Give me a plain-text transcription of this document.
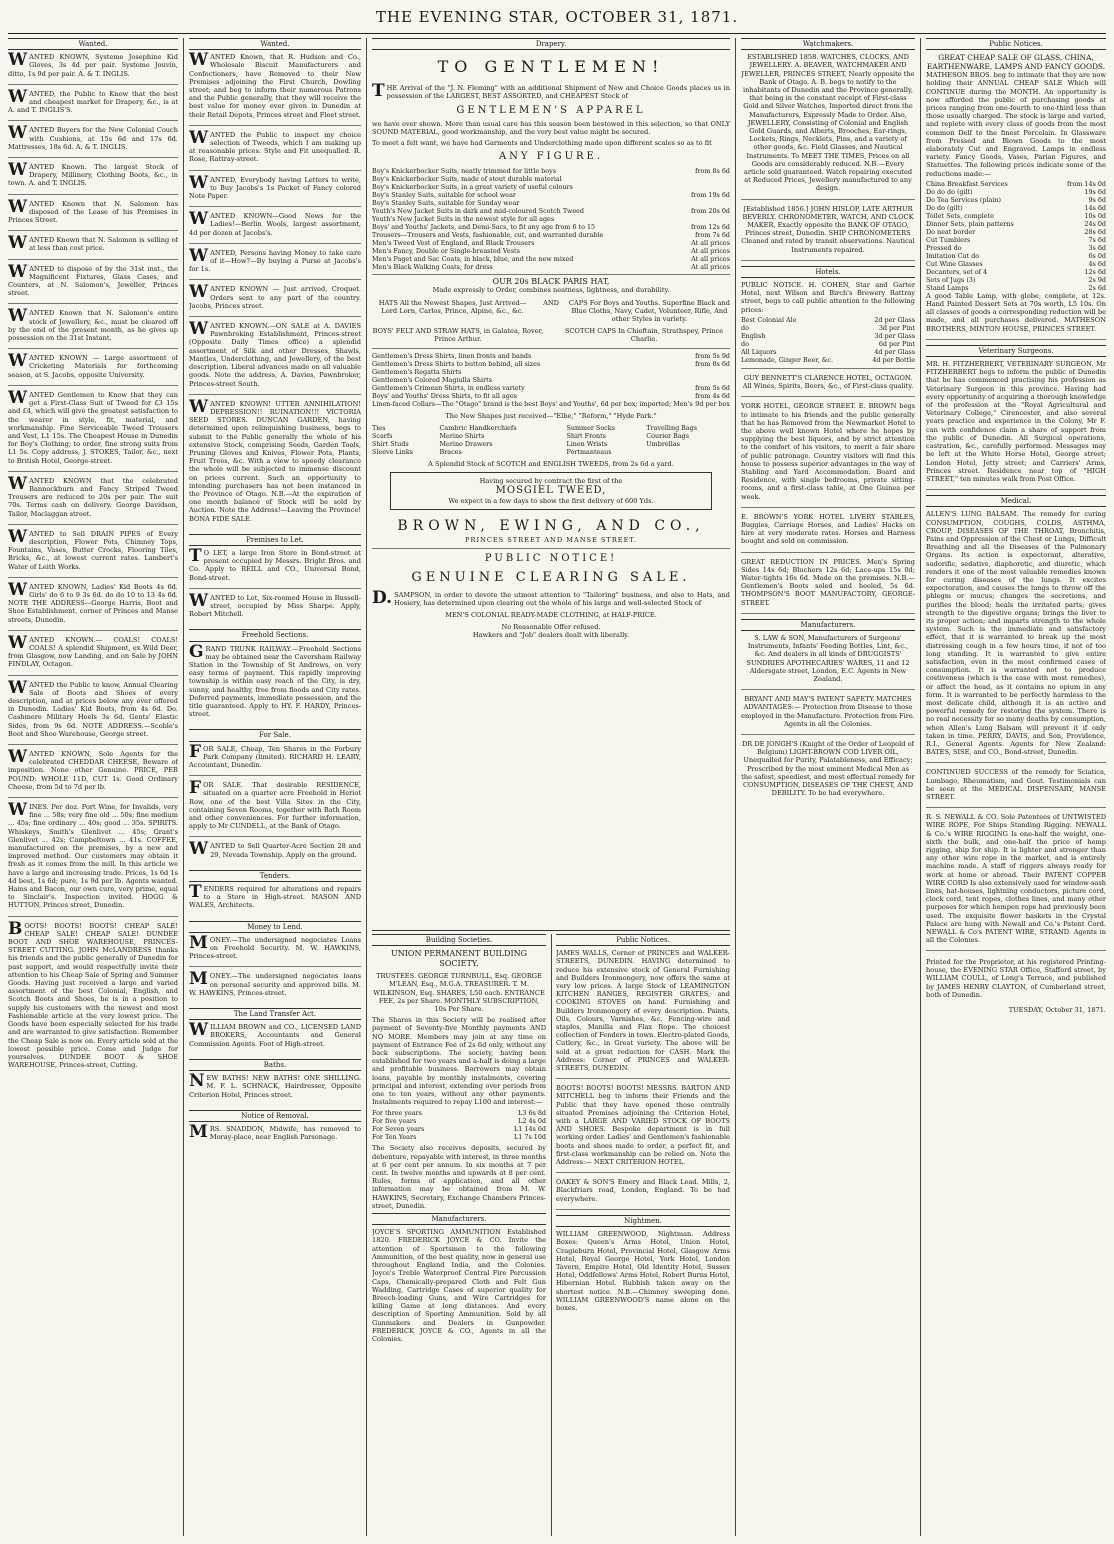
THE EVENING STAR, OCTOBER 31, 1871.
Wanted.

WANTED KNOWN, Systeme Josephine Kid Gloves, 3s 4d per pair. Systeme Jouvin, ditto, 1s 9d per pair. A. & T. INGLIS.

WANTED, the Public to Know that the best and cheapest market for Drapery, &c., is at A. and T. INGLIS'S.

WANTED Buyers for the New Colonial Couch with Cushions, at 15s 6d and 17s 6d. Mattresses, 18s 6d. A. & T. INGLIS.

WANTED Known. The largest Stock of Drapery, Millinery, Clothing Boots, &c., in town. A. and T. INGLIS.

WANTED Known that N. Salomon has disposed of the Lease of his Premises in Princes Street.

WANTED Known that N. Salomon is selling of at less than cost price.

WANTED to dispose of by the 31st inst., the Magnificent Fixtures, Glass Cases, and Counters, at N. Salomon's, Jeweller, Princes street.

WANTED Known that N. Salomon's entire stock of Jewellery, &c., must be cleared off by the end of the present month, as he gives up possession on the 31st Instant.

WANTED KNOWN — Large assortment of Cricketing Materials for forthcoming season, at S. Jacobs, opposite University.

WANTED Gentlemen to Know that they can get a First-Class Suit of Tweed for £3 15s and £4, which will give the greatest satisfaction to the wearer in style, fit, material, and workmanship. Fine Serviceable Tweed Trousers and Vest, L1 15s. The Cheapest House in Dunedin for Boy's Clothing; to order, fine strong suits from L1 5s. Copy address, J. STOKES, Tailor, &c., next to British Hotel, George-street.

WANTED KNOWN that the celebrated Bannockburn and Fancy Striped Tweed Trousers are reduced to 20s per pair. The suit 70s. Terms cash on delivery. George Davidson, Tailor, Maclaggan street.

WANTED to Sell DRAIN PIPES of Every description, Flower Pots, Chimney Tops, Fountains, Vases, Butter Crocks, Flooring Tiles, Bricks, &c., at lowest current rates. Lambert's Water of Leith Works.

WANTED KNOWN, Ladies' Kid Boots 4s 6d. Girls' do 6 to 9 3s 6d. do do 10 to 13 4s 6d. NOTE THE ADDRESS—George Harris, Boot and Shoe Establishment, corner of Princes and Manse streets, Dunedin.

WANTED KNOWN.— COALS! COALS! COALS! A splendid Shipment, ex Wild Deer, from Glasgow, now Landing, and on Sale by JOHN FINDLAY, Octagon.

WANTED the Public to know, Annual Clearing Sale of Boots and Shoes of every description, and at prices below any ever offered in Dunedin. Ladies' Kid Boots, from 4s 6d. Do. Cashmere Military Heels 3s 6d. Gents' Elastic Sides, from 9s 6d. NOTE ADDRESS.—Scoble's Boot and Shoe Warehouse, George street.

WANTED KNOWN, Sole Agents for the celebrated CHEDDAR CHEESE, Beware of imposition. None other Genuine. PRICE, PER POUND: WHOLE 11D, CUT 1s. Good Ordinary Cheese, from 5d to 7d per lb.

WINES. Per doz. Port Wine, for Invalids, very fine ... 58s; very fine old ... 50s; fine medium ... 45s; fine ordinary ... 40s; good ... 35s. SPIRITS. Whiskeys, Smith's Glenlivet ... 45s; Grant's Glenlivet ... 42s; Campbeltown ... 41s. COFFEE, manufactured on the premises, by a new and improved method. Our customers may obtain it fresh as it comes from the mill. In this article we have a large and increasing trade. Prices, 1s 6d 1s 4d best, 1s 6d; pure, 1s 9d per lb. Agents wanted. Hams and Bacon, our own cure, very prime, equal to Sinclair's. Inspection invited. HOGG & HUTTON, Princes street, Dunedin.

BOOTS! BOOTS! BOOTS! CHEAP SALE! CHEAP SALE! CHEAP SALE! DUNDEE BOOT AND SHOE WAREHOUSE, PRINCES-STREET CUTTING. JOHN McLANDRESS thanks his friends and the public generally of Dunedin for past support, and would respectfully invite their attention to his Cheap Sale of Spring and Summer Goods. Having just received a large and varied assortment of the best Colonial, English, and Scotch Boots and Shoes, he is in a position to supply his customers with the newest and most Fashionable article at the very lowest price. The Goods have been especially selected for his trade and are warranted to give satisfaction. Remember the Cheap Sale is now on. Every article sold at the lowest possible price. Come and Judge for yourselves. DUNDEE BOOT & SHOE WAREHOUSE, Princes-street, Cutting.

Wanted.

WANTED Known, that R. Hudson and Co., Wholesale Biscuit Manufacturers and Confectioners, have Removed to their New Premises adjoining the First Church, Dowling street; and beg to inform their numerous Patrons and the Public generally, that they will receive the best value for money ever given in Dunedin at their Retail Depots, Princes street and Fleet street.

WANTED the Public to inspect my choice selection of Tweeds, which I am making up at reasonable prices. Style and Fit unequalled. R. Rose, Rattray-street.

WANTED, Everybody having Letters to write, to Buy Jacobs's 1s Packet of Fancy colored Note Paper.

WANTED KNOWN—Good News for the Ladies!—Berlin Wools, largest assortment, 4d per dozen at Jacobs's.

WANTED, Persons having Money to take care of it—How?—By buying a Purse at Jacobs's for 1s.

WANTED KNOWN — Just arrived, Croquet. Orders sent to any part of the country. Jacobs, Princes street.

WANTED KNOWN.—ON SALE at A. DAVIES Pawnbroking Establishment, Princes-street (Opposite Daily Times office) a splendid assortment of Silk and other Dresses, Shawls, Mantles, Underclothing, and Jewellery, of the best description. Liberal advances made on all valuable goods. Note the address, A. Davies, Pawnbroker, Princes-street South.

WANTED KNOWN! UTTER ANNIHILATION! DEPRESSION!! RUINATION!!! VICTORIA SEED STORES. DUNCAN GARDEN, having determined upon relinquishing business, begs to submit to the Public generally the whole of his extensive Stock, comprising Seeds, Garden Tools, Pruning Gloves and Knives, Flower Pots, Plants, Fruit Trees, &c. With a view to speedy clearance the whole will be subjected to immense discount on prices current. Such an opportunity to intending purchasers has not been instanced in the Province of Otago. N.B.—At the expiration of one month balance of Stock will be sold by Auction. Note the Address!—Leaving the Province! BONA FIDE SALE.

Premises to Let.

TO LET, a large Iron Store in Bond-street at present occupied by Messrs. Bright Bros. and Co. Apply to REILL and CO., Universal Bond, Bond-street.

WANTED to Let, Six-roomed House in Russell-street, occupied by Miss Sharpe. Apply, Robert Mitchell.

Freehold Sections.

GRAND TRUNK RAILWAY.—Freehold Sections may be obtained near the Caversham Railway Station in the Township of St Andrews, on very easy terms of payment. This rapidly improving township is within easy reach of the City, is dry, sunny, and healthy, free from floods and City rates. Deferred payments, immediate possession, and the title guaranteed. Apply to HY. F. HARDY, Princes-street.

For Sale.

FOR SALE, Cheap, Ten Shares in the Forbury Park Company (limited). RICHARD H. LEARY, Accountant, Dunedin.

FOR SALE. That desirable RESIDENCE, situated on a quarter acre Freehold in Heriot Row, one of the best Villa Sites in the City, containing Seven Rooms, together with Bath Room and other conveniences. For further information, apply to Mr CUNDELL, at the Bank of Otago.

WANTED to Sell Quarter-Acre Section 28 and 29, Nevada Township. Apply on the ground.

Tenders.

TENDERS required for alterations and repairs to a Store in High-street. MASON AND WALES, Architects.

Money to Lend.

MONEY.—The undersigned negociates Loans on Freehold Security. M. W. HAWKINS, Princes-street.

MONEY.—The undersigned negociates loans on personal security and approved bills. M. W. HAWKINS, Princes-street.

The Land Transfer Act.

WILLIAM BROWN and CO., LICENSED LAND BROKERS, Accountants and General Commission Agents. Foot of High-street.

Baths.

NEW BATHS! NEW BATHS! ONE SHILLING. M. F. L. SCHNACK, Hairdresser, Opposite Criterion Hotel, Princes street.

Notice of Removal.

MRS. SNADDON, Midwife, has removed to Moray-place, near English Parsonage.

Drapery.
TO GENTLEMEN!

THE Arrival of the "J. N. Fleming" with an additional Shipment of New and Choice Goods places us in possession of the LARGEST, BEST ASSORTED, and CHEAPEST Stock of

GENTLEMEN'S APPAREL

we have ever shown. More than usual care has this season been bestowed in this selection, so that ONLY SOUND MATERIAL, good workmanship, and the very best value might be secured.

To meet a felt want, we have had Garments and Underclothing made upon different scales so as to fit

ANY FIGURE.
Boy's Knickerbocker Suits, neatly trimmed for little boys	from 8s 6d
Boy's Knickerbocker Suits, made of stout durable material	
Boy's Knickerbocker Suits, in a great variety of useful colours	
Boy's Stanley Suits, suitable for school wear	from 19s 6d
Boy's Stanley Suits, suitable for Sunday wear	
Youth's New Jacket Suits in dark and mid-coloured Scotch Tweed	from 20s 0d
Youth's New Jacket Suits in the newest style for all ages	
Boys' and Youths' Jackets, and Demi-Sacs, to fit any age from 6 to 15	from 12s 6d
Trousers—Trousers and Vests, fashionable, cut, and warranted durable	from 7s 6d
Men's Tweed Vest of England, and Black Trousers	At all prices
Men's Fancy, Double or Single-breasted Vests	At all prices
Men's Paget and Sac Coats, in black, blue, and the new mixed	At all prices
Men's Black Walking Coats, for dress	At all prices
OUR 20s BLACK PARIS HAT,
Made expressly to Order, combines neatness, lightness, and durability.
HATS All the Newest Shapes, Just Arrived— Lord Lorn, Carlos, Prince, Alpine, &c., &c.
AND	CAPS For Boys and Youths. Superfine Black and Blue Cloths, Navy, Cadet, Volunteer, Rifle, And other Styles in variety.
BOYS' FELT AND STRAW HATS, in Galatea, Rover, Prince Arthur.
SCOTCH CAPS In Chieftain, Strathspey, Prince Charlie.
Gentlemen's Dress Shirts, linen fronts and bands	from 5s 9d
Gentlemen's Dress Shirts to button behind, all sizes	from 8s 6d
Gentlemen's Regatta Shirts	
Gentlemen's Colored Magiulla Shirts	
Gentlemen's Crimean Shirts, in endless variety	from 5s 6d
Boys' and Youths' Dress Shirts, to fit all ages	from 4s 6d
Linen-faced Collars—The "Otago" brand is the best Boys' and Youths', 6d per box; imported; Men's	9d per box
The New Shapes just received—"Elbe," "Reform," "Hyde Park."
Ties	Cambric Handkerchiefs	Summer Socks	Travelling Bags
Scarfs	Merino Shirts	Shirt Fronts	Courier Bags
Shirt Studs	Merino Drawers	Linen Wrists	Umbrellas
Sleeve Links	Braces	Portmanteaus	
A Splendid Stock of SCOTCH and ENGLISH TWEEDS, from 2s 6d a yard.
Having secured by contract the first of the
MOSGIEL TWEED,
We expect in a few days to show the first delivery of 600 Yds.
BROWN, EWING, AND CO.,
PRINCES STREET AND MANSE STREET.
PUBLIC NOTICE!
GENUINE CLEARING SALE.

D.SAMPSON, in order to devote the utmost attention to "Tailoring" business, and also to Hats, and Hosiery, has determined upon clearing out the whole of his large and well-selected Stock of

MEN'S COLONIAL READY-MADE CLOTHING, at HALF-PRICE.
No Reasonable Offer refused.
Hawkers and "Job" dealers dealt with liberally.
Building Societies.
UNION PERMANENT BUILDING SOCIETY.

TRUSTEES. GEORGE TURNBULL, Esq. GEORGE M'LEAN, Esq., M.G.A. TREASURER. T. M. WILKINSON, Esq. SHARES, L50 each. ENTRANCE FEE, 2s per Share. MONTHLY SUBSCRIPTION, 10s Per Share.

The Shares in this Society will be realised after payment of Seventy-five Monthly payments AND NO MORE. Members may join at any time on payment of Entrance Fee of 2s 6d only, without any back subscriptions. The society, having been established for two years and a-half is doing a large and profitable business. Borrowers may obtain loans, payable by monthly instalments, covering principal and interest, extending over periods from one to ten years, without any other payments. Instalments required to repay L100 and interest:—

For three years	L3 6s 8d
For five years	L2 4s 0d
For Seven years	L1 14s 6d
For Ten Years	L1 7s 10d

The Society also receives deposits, secured by debenture, repayable with interest, in three months at 6 per cent per annum. In six months at 7 per cent. In twelve months and upwards at 8 per cent. Rules, forms of application, and all other information may be obtained from M. W. HAWKINS, Secretary, Exchange Chambers Princes-street, Dunedin.

Manufacturers.

JOYCE'S SPORTING AMMUNITION Established 1820. FREDERICK JOYCE & CO. Invite the attention of Sportsmen to the following Ammunition, of the best quality, now in general use throughout England India, and the Colonies. Joyce's Treble Waterproof Central Fire Percussion Caps, Chemically-prepared Cloth and Felt Gun Wadding, Cartridge Cases of superior quality for Breech-loading Guns, and Wire Cartridges for killing Game at long distances. And every description of Sporting Ammunition. Sold by all Gunmakers and Dealers in Gunpowder. FREDERICK JOYCE & CO., Agents in all the Colonies.

Public Notices.

JAMES WALLS, Corner of PRINCES and WALKER-STREETS, DUNEDIN. HAVING determined to reduce his extensive stock of General Furnishing and Builders Ironmongery, now offers the same at very low prices. A large Stock of LEAMINGTON KITCHEN RANGES, REGISTER GRATES, and COOKING STOVES on hand. Furnishing and Builders Ironmongery of every description. Paints, Oils, Colours, Varnishes, &c. Fencing-wire and staples, Manilla and Flax Rope. The choicest collection of Fenders in town. Electro-plated Goods, Cutlery, &c., in Great variety. The above will be sold at a great reduction for CASH. Mark the Address: Corner of PRINCES and WALKER-STREETS, DUNEDIN.

BOOTS! BOOTS! BOOTS! MESSRS. BARTON AND MITCHELL beg to inform their Friends and the Public that they have opened those centrally situated Premises adjoining the Criterion Hotel, with a LARGE AND VARIED STOCK OF BOOTS AND SHOES. Bespoke department is in full working order. Ladies' and Gentlemen's fashionable boots and shoes made to order, a perfect fit, and first-class workmanship can be relied on. Note the Address:— NEXT CRITERION HOTEL.

OAKEY & SON'S Emery and Black Lead. Mills, 2, Blackfriars road, London, England. To be had everywhere.

Nightmen.

WILLIAM GREENWOOD, Nightman. Address Boxes: Queen's Arms Hotel, Union Hotel, Cragieburn Hotel, Provincial Hotel, Glasgow Arms Hotel, Royal George Hotel, York Hotel, London Tavern, Empire Hotel, Old Identity Hotel, Sussex Hotel, Oddfellows' Arms Hotel, Robert Burns Hotel, Hibernian Hotel. Rubbish taken away on the shortest notice. N.B.—Chimney sweeping done. WILLIAM GREENWOOD'S name alone on the boxes.

Watchmakers.

ESTABLISHED 1858. WATCHES, CLOCKS, AND JEWELLERY. A. BEAVER, WATCHMAKER AND JEWELLER, PRINCES STREET, Nearly opposite the Bank of Otago. A. B. begs to notify to the inhabitants of Dunedin and the Province generally, that being in the constant receipt of First-class Gold and Silver Watches, Imported direct from the Manufacturers, Expressly Made to Order. Also, JEWELLERY, Consisting of Colonial and English Gold Guards, and Alberts, Brooches, Ear-rings, Lockets, Rings, Necklets, Pins, and a variety of other goods, &c. Field Glasses, and Nautical Instruments. To MEET THE TIMES, Prices on all Goods are considerably reduced. N.B.—Every article sold guaranteed. Watch repairing executed at Reduced Prices, Jewellery manufactured to any design.

[Established 1856.] JOHN HISLOP, LATE ARTHUR BEVERLY. CHRONOMETER, WATCH, AND CLOCK MAKER, Exactly opposite the BANK OF OTAGO, Princes street, Dunedin. SHIP CHRONOMETERS Cleaned and rated by transit observations. Nautical Instruments repaired.

Hotels.

PUBLIC NOTICE. H. COHEN, Star and Garter Hotel, next Wilson and Birch's Brewery Rattray street, begs to call public attention to the following prices:

Best Colonial Ale	2d per Glass
do	3d per Pint
English	3d per Glass
do	6d per Pint
All Liquors	4d per Glass
Lemonade, Ginger Beer, &c.	4d per Bottle

GUY BENNETT'S CLARENCE HOTEL, OCTAGON. All Wines, Spirits, Beers, &c., of First-class quality.

YORK HOTEL, GEORGE STREET. E. BROWN begs to intimate to his friends and the public generally that he has Removed from the Newmarket Hotel to the above well known Hotel where he hopes by supplying the best liquors, and by strict attention to the comfort of his visitors, to merit a fair share of public patronage. Country visitors will find this house to possess superior advantages in the way of Stabling and Yard Accommodation. Board and Residence, with single bedrooms, private sitting-rooms, and a first-class table, at One Guinea per week.

E. BROWN'S YORK HOTEL LIVERY STABLES, Buggies, Carriage Horses, and Ladies' Hacks on hire at very moderate rates. Horses and Harness bought and sold on commission.

GREAT REDUCTION IN PRICES. Men's Spring Sides 14s 6d; Bluchers 12s 6d; Lace-ups 15s 0d; Water-tights 16s 6d. Made on the premises. N.B.—Gentlemen's Boots soled and heeled, 5s 6d. THOMPSON'S BOOT MANUFACTORY, GEORGE-STREET.

Manufacturers.

S. LAW & SON, Manufacturers of Surgeons' Instruments, Infants' Feeding Bottles, Lint, &c., &c. And dealers in all kinds of DRUGGISTS' SUNDRIES APOTHECARIES' WARES, 11 and 12 Aldersgate street, London, E.C. Agents in New Zealand.

BRYANT AND MAY'S PATENT SAFETY MATCHES ADVANTAGES:— Protection from Disease to those employed in the Manufacture. Protection from Fire. Agents in all the Colonies.

DR DE JONGH'S (Knight of the Order of Leopold of Belgium) LIGHT-BROWN COD LIVER OIL, Unequalled for Purity, Palatableness, and Efficacy; Prescribed by the most eminent Medical Men as the safest, speediest, and most effectual remedy for CONSUMPTION, DISEASES OF THE CHEST, AND DEBILITY. To be had everywhere.

Public Notices.
GREAT CHEAP SALE OF GLASS, CHINA, EARTHENWARE, LAMPS AND FANCY GOODS.

MATHESON BROS. beg to intimate that they are now holding their ANNUAL CHEAP SALE Which will CONTINUE during the MONTH. An opportunity is now afforded the public of purchasing goods at prices ranging from one-fourth to one-third less than those usually charged. The stock is large and varied, and replete with every class of goods from the most common Delf to the finest Porcelain. In Glassware from Pressed and Blown Goods to the most elaborately Cut and Engraved. Lamps in endless variety. Fancy Goods, Vases, Parian Figures, and Statuettes. The following prices indicate some of the reductions made:—

China Breakfast Services	from 14s 0d
Do do do (gilt)	19s 6d
Do Tea Services (plain)	9s 6d
Do do (gilt)	14s 6d
Toilet Sets, complete	10s 0d
Dinner Sets, plain patterns	24s 0d
Do neat border	28s 6d
Cut Tumblers	7s 6d
Pressed do	3s 6d
Imitation Cut do	6s 0d
Cut Wine Glasses	4s 6d
Decanters, set of 4	12s 6d
Sets of Jugs (3)	2s 9d
Stand Lamps	2s 6d

A good Table Lamp, with globe, complete, at 12s. Hand Painted Dessert Sets at 70s worth, L5 10s. On all classes of goods a corresponding reduction will be made, and all purchases delivered. MATHESON BROTHERS, MINTON HOUSE, PRINCES STREET.

Veterinary Surgeons.

MR. H. FITZHERBERT, VETERINARY SURGEON. Mr FITZHERBERT begs to inform the public of Dunedin that he has commenced practising his profession as Veterinary Surgeon in this province. Having had every opportunity of acquiring a thorough knowledge of the profession at the "Royal Agricultural and Veterinary College," Cirencester, and also several years practice and experience in the Colony, Mr F. can with confidence claim a share of support from the public of Dunedin. All Surgical operations, castration, &c., carefully performed. Messages may be left at the White Horse Hotel, George street; London Hotel, Jetty street; and Carriers' Arms, Princes street. Residence near top of "HIGH STREET," ten minutes walk from Post Office.

Medical.

ALLEN'S LUNG BALSAM. The remedy for curing CONSUMPTION, COUGHS, COLDS, ASTHMA, CROUP, DISEASES OF THE THROAT, Bronchitis, Pains and Oppression of the Chest or Lungs, Difficult Breathing and all the Diseases of the Pulmonary Organs. Its action is expectorant, alterative, sudorific, sedative, diaphoretic, and diuretic, which renders it one of the most valuable remedies known for curing diseases of the lungs. It excites expectoration, and causes the lungs to throw off the phlegm or mucus; changes the secretions, and purifies the blood; heals the irritated parts; gives strength to the digestive organs; brings the liver to its proper action; and imparts strength to the whole system. Such is the immediate and satisfactory effect, that it is warranted to break up the most distressing cough in a few hours time, if not of too long standing. It is warranted to give entire satisfaction, even in the most confirmed cases of consumption. It is warranted not to produce costiveness (which is the case with most remedies), or affect the head, as it contains no opium in any form. It is warranted to be perfectly harmless to the most delicate child, although it is an active and powerful remedy for restoring the system. There is no real necessity for so many deaths by consumption, when Allen's Lung Balsam will prevent it if only taken in time. PERRY, DAVIS, and Son, Providence, R.I., General Agents. Agents for New Zealand: BATES, SISE, and CO., Bond-street, Dunedin.

CONTINUED SUCCESS of the remedy for Sciatica, Lumbago, Rheumatism, and Gout. Testimonials can be seen at the MEDICAL DISPENSARY, MANSE STREET.

R. S. NEWALL & CO. Sole Patentees of UNTWISTED WIRE ROPE, For Ships Standing Rigging. NEWALL & Co.'s WIRE RIGGING Is one-half the weight, one-sixth the bulk, and one-half the price of hemp rigging, ship for ship. It is lighter and stronger than any other wire rope in the market, and is entirely machine made. A staff of riggers always ready for work at home or abroad. Their PATENT COPPER WIRE CORD Is also extensively used for window-sash lines, hat-houses, lightning conductors, picture cord, clock cord, tent ropes, clothes lines, and many other purposes for which hempen rope had previously been used. The exquisite flower baskets in the Crystal Palace are hung with Newall and Co.'s Patent Cord. NEWALL & Co's PATENT WIRE, STRAND. Agents in all the Colonies.

Printed for the Proprietor, at his registered Printing-house, the EVENING STAR Office, Stafford street, by WILLIAM COULL, of Long's Terrace, and published by JAMES HENRY CLAYTON, of Cumberland street, both of Dunedin.

TUESDAY, October 31, 1871.
